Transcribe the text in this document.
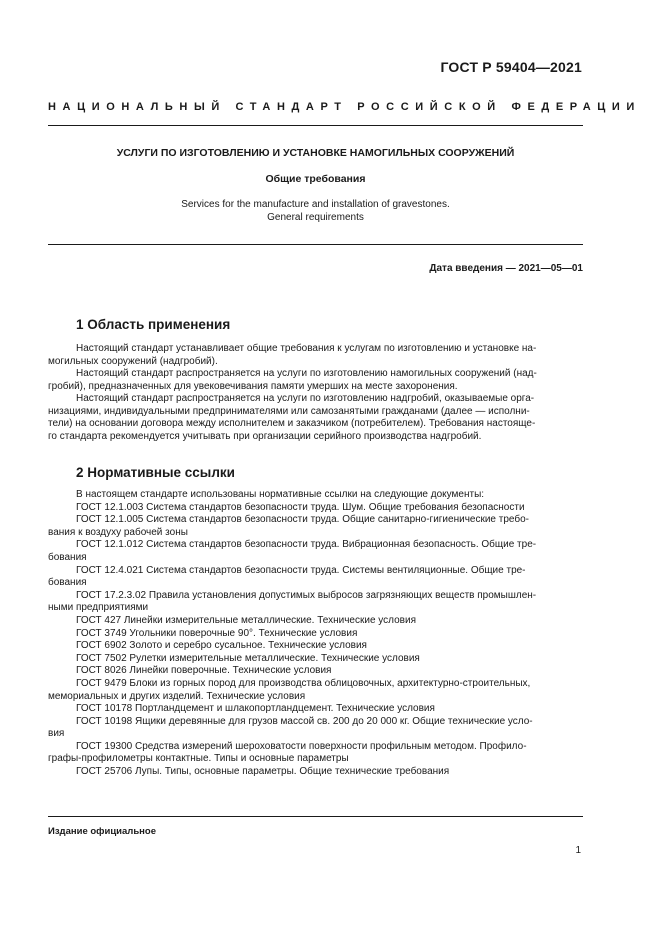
ГОСТ Р 59404—2021
НАЦИОНАЛЬНЫЙ СТАНДАРТ РОССИЙСКОЙ ФЕДЕРАЦИИ
УСЛУГИ ПО ИЗГОТОВЛЕНИЮ И УСТАНОВКЕ НАМОГИЛЬНЫХ СООРУЖЕНИЙ
Общие требования
Services for the manufacture and installation of gravestones.
General requirements
Дата введения — 2021—05—01
1 Область применения
Настоящий стандарт устанавливает общие требования к услугам по изготовлению и установке на-
могильных сооружений (надгробий).
Настоящий стандарт распространяется на услуги по изготовлению намогильных сооружений (над-
гробий), предназначенных для увековечивания памяти умерших на месте захоронения.
Настоящий стандарт распространяется на услуги по изготовлению надгробий, оказываемые орга-
низациями, индивидуальными предпринимателями или самозанятыми гражданами (далее — исполни-
тели) на основании договора между исполнителем и заказчиком (потребителем). Требования настояще-
го стандарта рекомендуется учитывать при организации серийного производства надгробий.
2 Нормативные ссылки
В настоящем стандарте использованы нормативные ссылки на следующие документы:
ГОСТ 12.1.003 Система стандартов безопасности труда. Шум. Общие требования безопасности
ГОСТ 12.1.005 Система стандартов безопасности труда. Общие санитарно-гигиенические требо-
вания к воздуху рабочей зоны
ГОСТ 12.1.012 Система стандартов безопасности труда. Вибрационная безопасность. Общие тре-
бования
ГОСТ 12.4.021 Система стандартов безопасности труда. Системы вентиляционные. Общие тре-
бования
ГОСТ 17.2.3.02 Правила установления допустимых выбросов загрязняющих веществ промышлен-
ными предприятиями
ГОСТ 427 Линейки измерительные металлические. Технические условия
ГОСТ 3749 Угольники поверочные 90°. Технические условия
ГОСТ 6902 Золото и серебро сусальное. Технические условия
ГОСТ 7502 Рулетки измерительные металлические. Технические условия
ГОСТ 8026 Линейки поверочные. Технические условия
ГОСТ 9479 Блоки из горных пород для производства облицовочных, архитектурно-строительных,
мемориальных и других изделий. Технические условия
ГОСТ 10178 Портландцемент и шлакопортландцемент. Технические условия
ГОСТ 10198 Ящики деревянные для грузов массой св. 200 до 20 000 кг. Общие технические усло-
вия
ГОСТ 19300 Средства измерений шероховатости поверхности профильным методом. Профило-
графы-профилометры контактные. Типы и основные параметры
ГОСТ 25706 Лупы. Типы, основные параметры. Общие технические требования
Издание официальное
1
